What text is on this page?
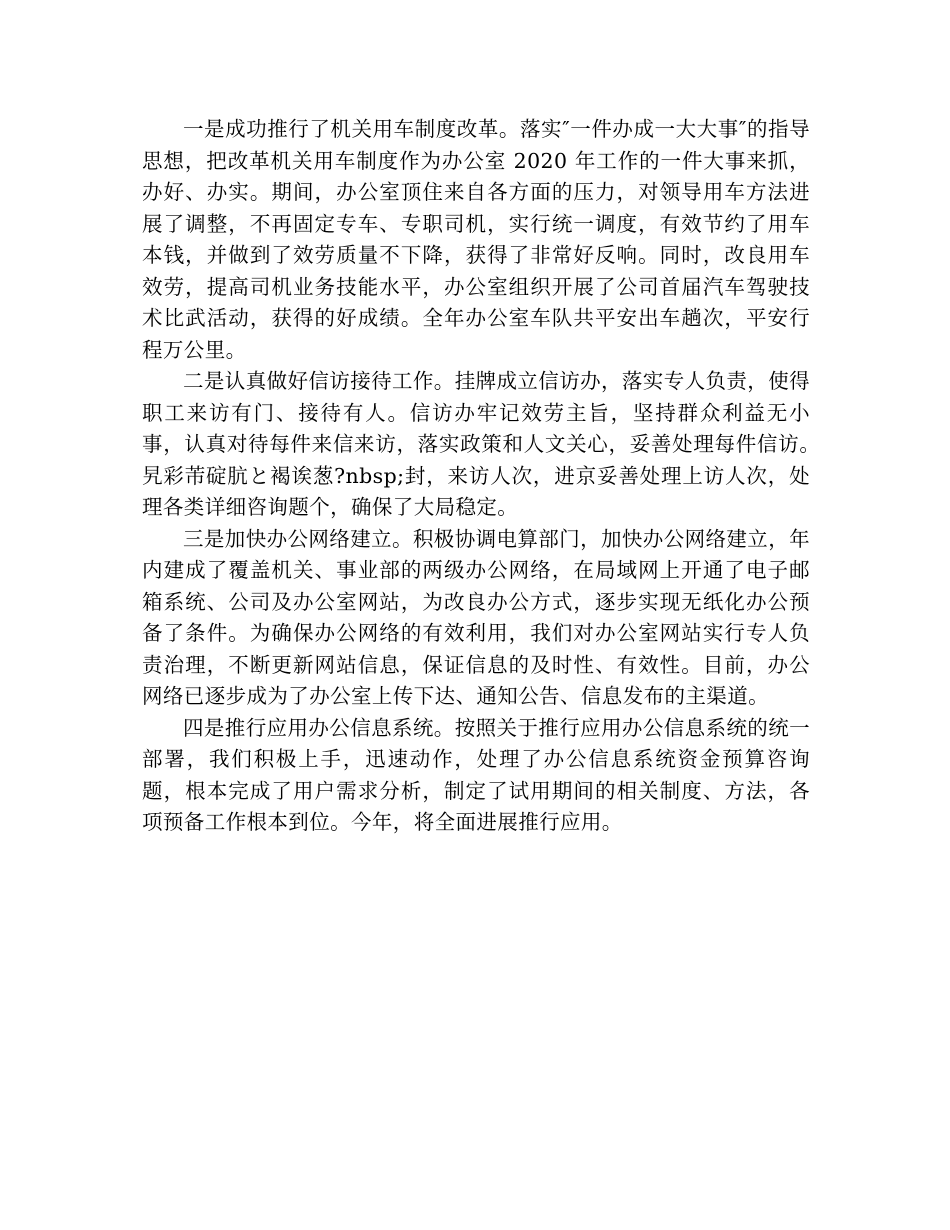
一是成功推行了机关用车制度改革。落实″一件办成一大大事″的指导思想，把改革机关用车制度作为办公室 2020 年工作的一件大事来抓，办好、办实。期间，办公室顶住来自各方面的压力，对领导用车方法进展了调整，不再固定专车、专职司机，实行统一调度，有效节约了用车本钱，并做到了效劳质量不下降，获得了非常好反响。同时，改良用车效劳，提高司机业务技能水平，办公室组织开展了公司首届汽车驾驶技术比武活动，获得的好成绩。全年办公室车队共平安出车趟次，平安行程万公里。

二是认真做好信访接待工作。挂牌成立信访办，落实专人负责，使得职工来访有门、接待有人。信访办牢记效劳主旨，坚持群众利益无小事，认真对待每件来信来访，落实政策和人文关心，妥善处理每件信访。　 旯彩芾碇肮と褐诶葱?nbsp;封，来访人次，进京妥善处理上访人次，处理各类详细咨询题个，确保了大局稳定。

三是加快办公网络建立。积极协调电算部门，加快办公网络建立，年内建成了覆盖机关、事业部的两级办公网络，在局域网上开通了电子邮箱系统、公司及办公室网站，为改良办公方式，逐步实现无纸化办公预备了条件。为确保办公网络的有效利用，我们对办公室网站实行专人负责治理，不断更新网站信息，保证信息的及时性、有效性。目前，办公网络已逐步成为了办公室上传下达、通知公告、信息发布的主渠道。

四是推行应用办公信息系统。按照关于推行应用办公信息系统的统一部署，我们积极上手，迅速动作，处理了办公信息系统资金预算咨询题，根本完成了用户需求分析，制定了试用期间的相关制度、方法，各项预备工作根本到位。今年，将全面进展推行应用。
